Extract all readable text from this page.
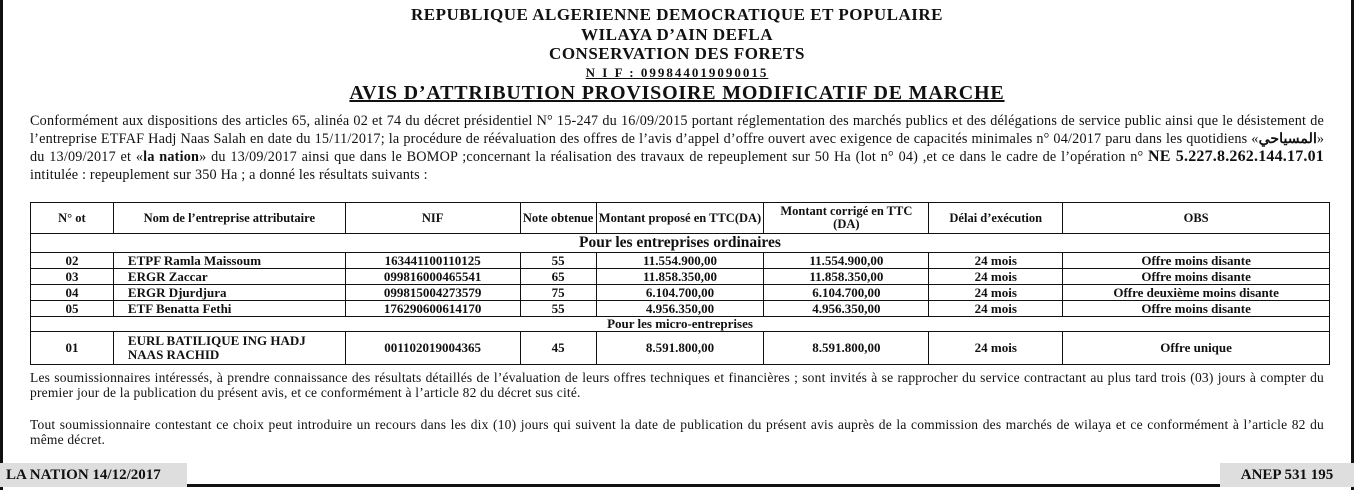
REPUBLIQUE ALGERIENNE DEMOCRATIQUE ET POPULAIRE
WILAYA D’AIN DEFLA
CONSERVATION DES FORETS
N I F : 099844019090015
AVIS D’ATTRIBUTION PROVISOIRE MODIFICATIF DE MARCHE
Conformément aux dispositions des articles 65, alinéa 02 et 74 du décret présidentiel N° 15-247 du 16/09/2015 portant réglementation des marchés publics et des délégations de service public ainsi que le désistement de l’entreprise ETFAF Hadj Naas Salah en date du 15/11/2017; la procédure de réévaluation des offres de l’avis d’appel d’offre ouvert avec exigence de capacités minimales n° 04/2017 paru dans les quotidiens «المسياحي» du 13/09/2017 et «la nation» du 13/09/2017 ainsi que dans le BOMOP ;concernant la réalisation des travaux de repeuplement sur 50 Ha (lot n° 04) ,et ce dans le cadre de l’opération n° NE 5.227.8.262.144.17.01 intitulée : repeuplement sur 350 Ha ; a donné les résultats suivants :
N° ot	Nom de l’entreprise attributaire	NIF	Note obtenue	Montant proposé en TTC(DA)	Montant corrigé en TTC (DA)	Délai d’exécution	OBS
Pour les entreprises ordinaires							
02	ETPF Ramla Maissoum	163441100110125	55	11.554.900,00	11.554.900,00	24 mois	Offre moins disante
03	ERGR Zaccar	099816000465541	65	11.858.350,00	11.858.350,00	24 mois	Offre moins disante
04	ERGR Djurdjura	099815004273579	75	6.104.700,00	6.104.700,00	24 mois	Offre deuxième moins disante
05	ETF Benatta Fethi	176290600614170	55	4.956.350,00	4.956.350,00	24 mois	Offre moins disante
Pour les micro-entreprises							
01	EURL BATILIQUE ING HADJ NAAS RACHID	001102019004365	45	8.591.800,00	8.591.800,00	24 mois	Offre unique
Les soumissionnaires intéressés, à prendre connaissance des résultats détaillés de l’évaluation de leurs offres techniques et financières ; sont invités à se rapprocher du service contractant au plus tard trois (03) jours à compter du premier jour de la publication du présent avis, et ce conformément à l’article 82 du décret sus cité.
Tout soumissionnaire contestant ce choix peut introduire un recours dans les dix (10) jours qui suivent la date de publication du présent avis auprès de la commission des marchés de wilaya et ce conformément à l’article 82 du même décret.
LA NATION 14/12/2017	ANEP 531 195
